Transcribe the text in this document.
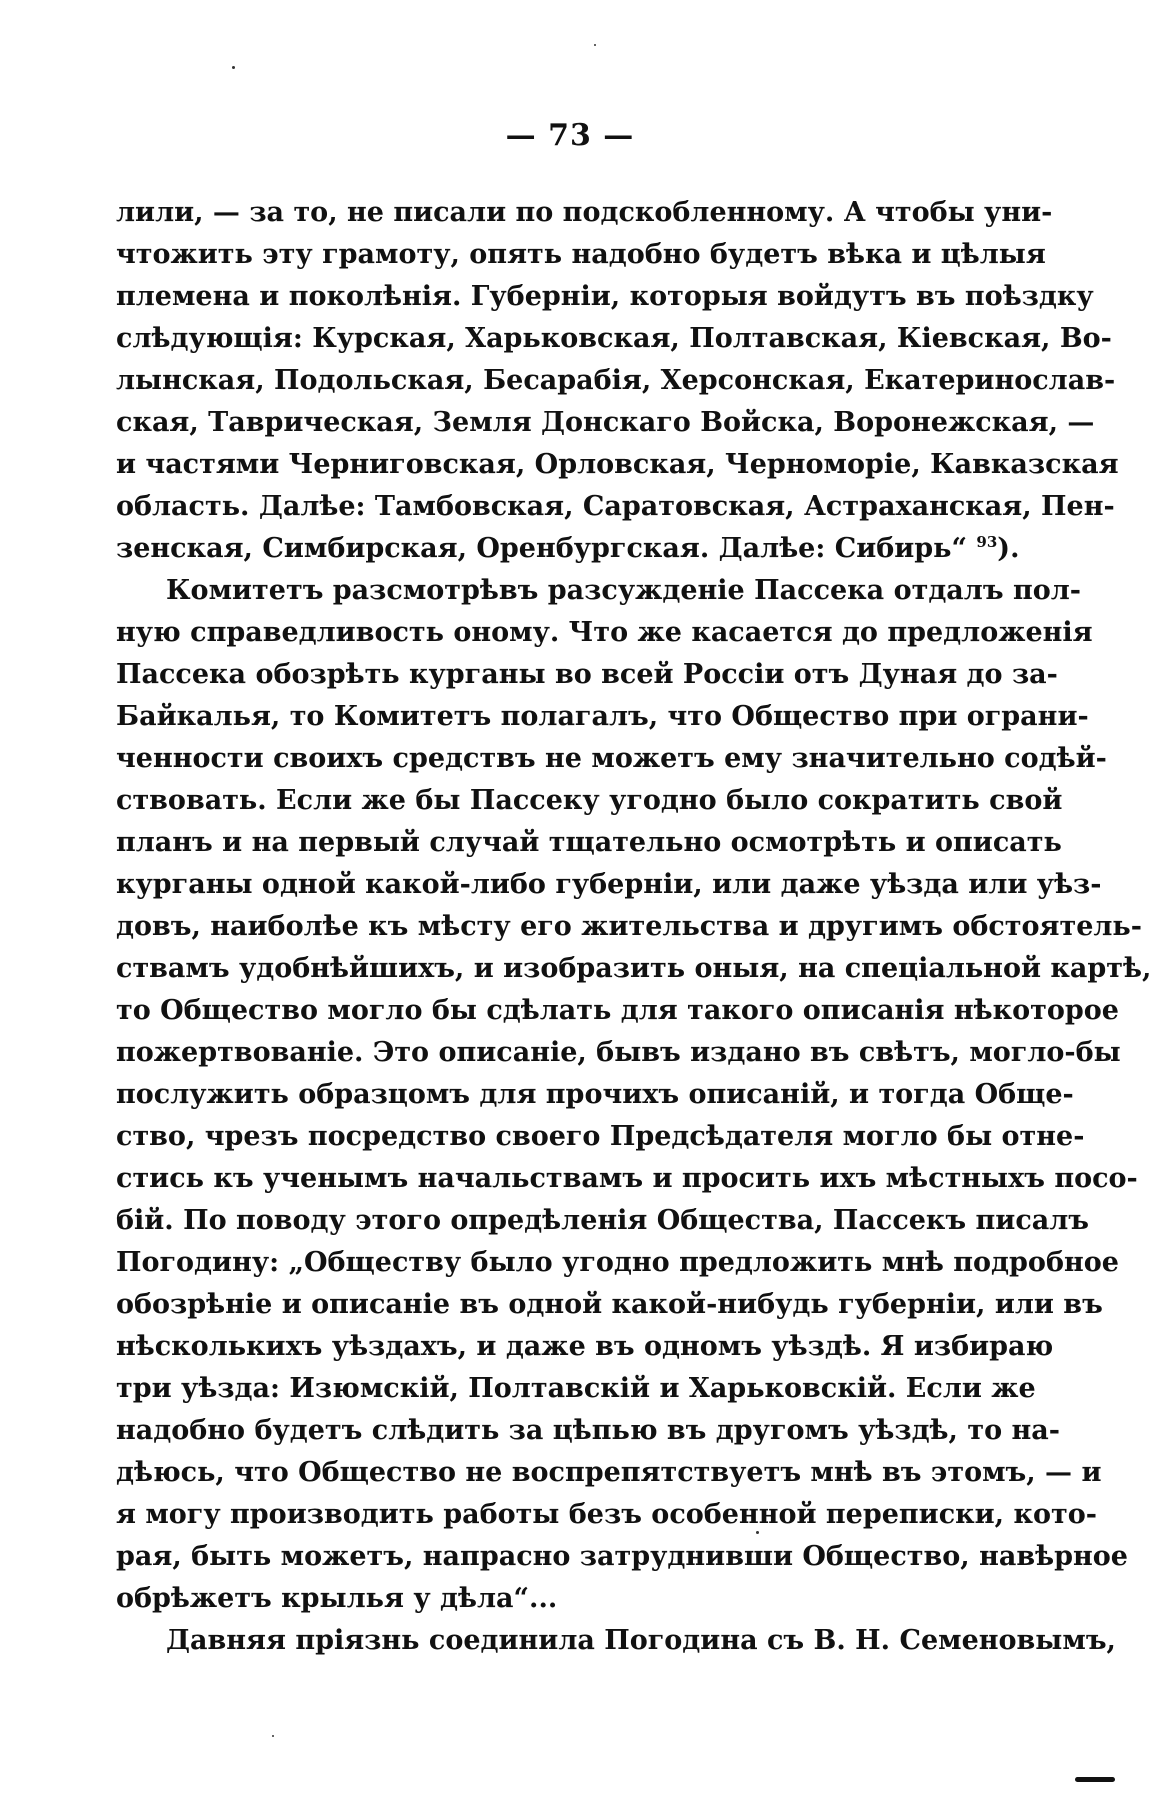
— 73 —
лили, — за то, не писали по подскобленному. А чтобы уни-
чтожить эту грамоту, опять надобно будетъ вѣка и цѣлыя
племена и поколѣнія. Губерніи, которыя войдутъ въ поѣздку
слѣдующія: Курская, Харьковская, Полтавская, Кіевская, Во-
лынская, Подольская, Бесарабія, Херсонская, Екатеринослав-
ская, Таврическая, Земля Донскаго Войска, Воронежская, —
и частями Черниговская, Орловская, Черноморіе, Кавказская
область. Далѣе: Тамбовская, Саратовская, Астраханская, Пен-
зенская, Симбирская, Оренбургская. Далѣе: Сибирь“ $^{93}$).
Комитетъ разсмотрѣвъ разсужденіе Пассека отдалъ пол-
ную справедливость оному. Что же касается до предложенія
Пассека обозрѣть курганы во всей Россіи отъ Дуная до за-
Байкалья, то Комитетъ полагалъ, что Общество при ограни-
ченности своихъ средствъ не можетъ ему значительно содѣй-
ствовать. Если же бы Пассеку угодно было сократить свой
планъ и на первый случай тщательно осмотрѣть и описать
курганы одной какой-либо губерніи, или даже уѣзда или уѣз-
довъ, наиболѣе къ мѣсту его жительства и другимъ обстоятель-
ствамъ удобнѣйшихъ, и изобразить оныя, на спеціальной картѣ,
то Общество могло бы сдѣлать для такого описанія нѣкоторое
пожертвованіе. Это описаніе, бывъ издано въ свѣтъ, могло-бы
послужить образцомъ для прочихъ описаній, и тогда Обще-
ство, чрезъ посредство своего Предсѣдателя могло бы отне-
стись къ ученымъ начальствамъ и просить ихъ мѣстныхъ посо-
бій. По поводу этого опредѣленія Общества, Пассекъ писалъ
Погодину: „Обществу было угодно предложить мнѣ подробное
обозрѣніе и описаніе въ одной какой-нибудь губерніи, или въ
нѣсколькихъ уѣздахъ, и даже въ одномъ уѣздѣ. Я избираю
три уѣзда: Изюмскій, Полтавскій и Харьковскій. Если же
надобно будетъ слѣдить за цѣпью въ другомъ уѣздѣ, то на-
дѣюсь, что Общество не воспрепятствуетъ мнѣ въ этомъ, — и
я могу производить работы безъ особенной переписки, кото-
рая, быть можетъ, напрасно затруднивши Общество, навѣрное
обрѣжетъ крылья у дѣла“...
Давняя пріязнь соединила Погодина съ В. Н. Семеновымъ,
